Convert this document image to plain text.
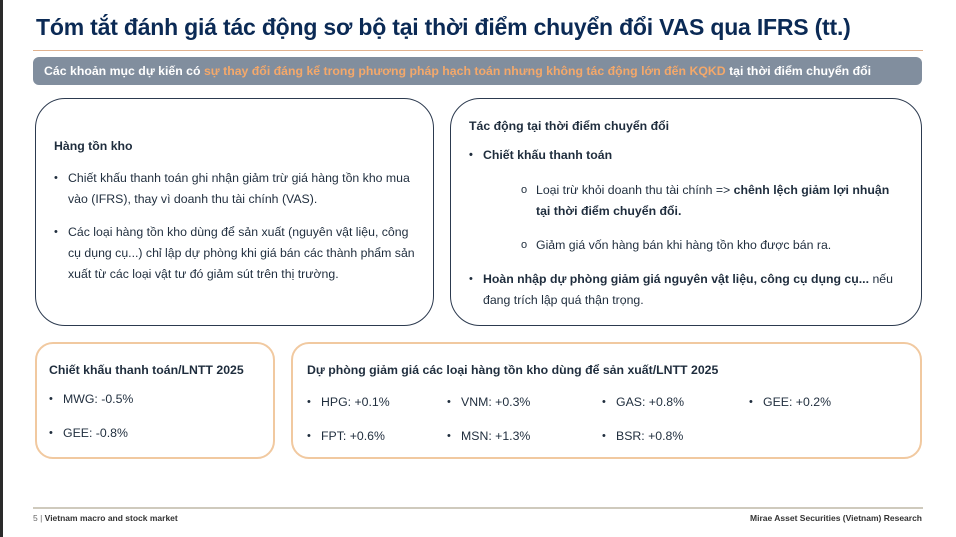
Tóm tắt đánh giá tác động sơ bộ tại thời điểm chuyển đổi VAS qua IFRS (tt.)
Các khoản mục dự kiến có sự thay đổi đáng kể trong phương pháp hạch toán nhưng không tác động lớn đến KQKD tại thời điểm chuyển đổi

Hàng tồn kho

• Chiết khấu thanh toán ghi nhận giảm trừ giá hàng tồn kho mua vào (IFRS), thay vì doanh thu tài chính (VAS).
• Các loại hàng tồn kho dùng để sản xuất (nguyên vật liệu, công cụ dụng cụ...) chỉ lập dự phòng khi giá bán các thành phẩm sản xuất từ các loại vật tư đó giảm sút trên thị trường.

Tác động tại thời điểm chuyển đổi

• Chiết khấu thanh toán
o Loại trừ khỏi doanh thu tài chính => chênh lệch giảm lợi nhuận tại thời điểm chuyển đổi.
o Giảm giá vốn hàng bán khi hàng tồn kho được bán ra.
• Hoàn nhập dự phòng giảm giá nguyên vật liệu, công cụ dụng cụ... nếu đang trích lập quá thận trọng.

Chiết khấu thanh toán/LNTT 2025

• MWG: -0.5%
• GEE: -0.8%

Dự phòng giảm giá các loại hàng tồn kho dùng để sản xuất/LNTT 2025

• HPG: +0.1%	• VNM: +0.3%	• GAS: +0.8%	• GEE: +0.2%
• FPT: +0.6%	• MSN: +1.3%	• BSR: +0.8%
5 | Vietnam macro and stock market	Mirae Asset Securities (Vietnam) Research
